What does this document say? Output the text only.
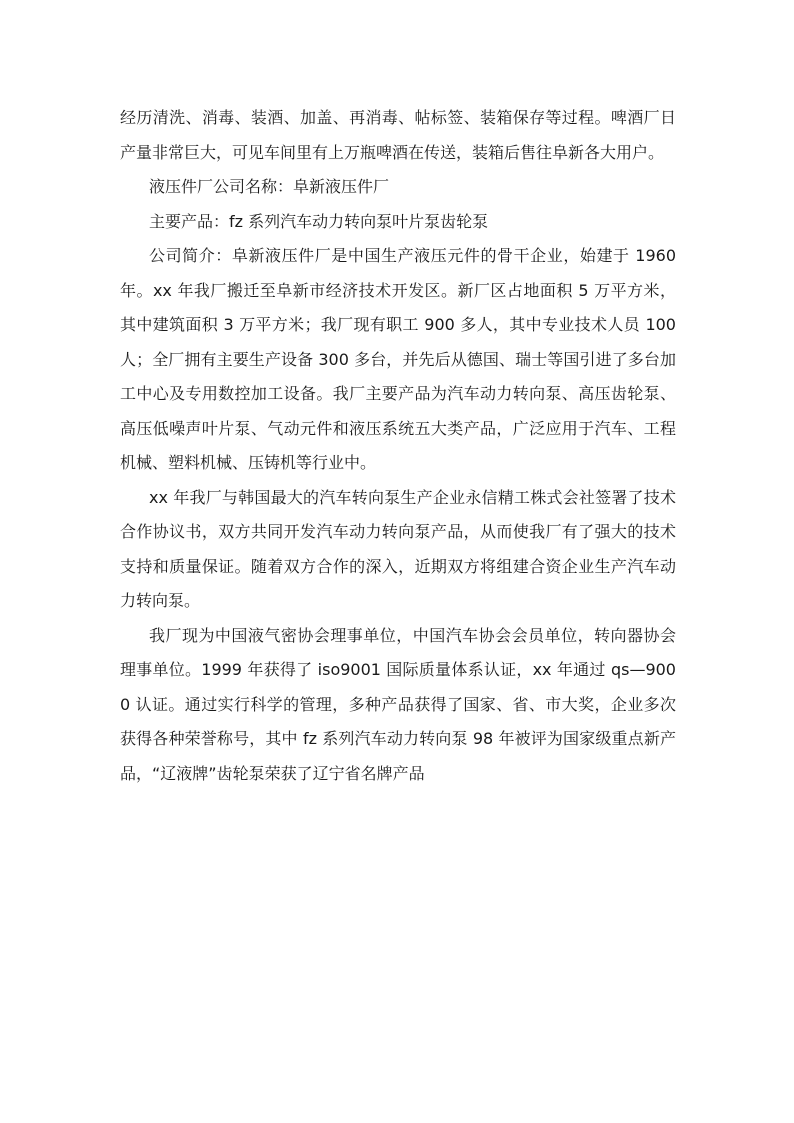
经历清洗、消毒、装酒、加盖、再消毒、帖标签、装箱保存等过程。啤酒厂日产量非常巨大，可见车间里有上万瓶啤酒在传送，装箱后售往阜新各大用户。

液压件厂公司名称：阜新液压件厂

主要产品：fz 系列汽车动力转向泵叶片泵齿轮泵

公司简介：阜新液压件厂是中国生产液压元件的骨干企业，始建于 1960 年。xx 年我厂搬迁至阜新市经济技术开发区。新厂区占地面积 5 万平方米，其中建筑面积 3 万平方米；我厂现有职工 900 多人，其中专业技术人员 100 人；全厂拥有主要生产设备 300 多台，并先后从德国、瑞士等国引进了多台加工中心及专用数控加工设备。我厂主要产品为汽车动力转向泵、高压齿轮泵、高压低噪声叶片泵、气动元件和液压系统五大类产品，广泛应用于汽车、工程机械、塑料机械、压铸机等行业中。

xx 年我厂与韩国最大的汽车转向泵生产企业永信精工株式会社签署了技术合作协议书，双方共同开发汽车动力转向泵产品，从而使我厂有了强大的技术支持和质量保证。随着双方合作的深入，近期双方将组建合资企业生产汽车动力转向泵。

我厂现为中国液气密协会理事单位，中国汽车协会会员单位，转向器协会理事单位。1999 年获得了 iso9001 国际质量体系认证，xx 年通过 qs—9000 认证。通过实行科学的管理，多种产品获得了国家、省、市大奖，企业多次获得各种荣誉称号，其中 fz 系列汽车动力转向泵 98 年被评为国家级重点新产品，“辽液牌”齿轮泵荣获了辽宁省名牌产品
